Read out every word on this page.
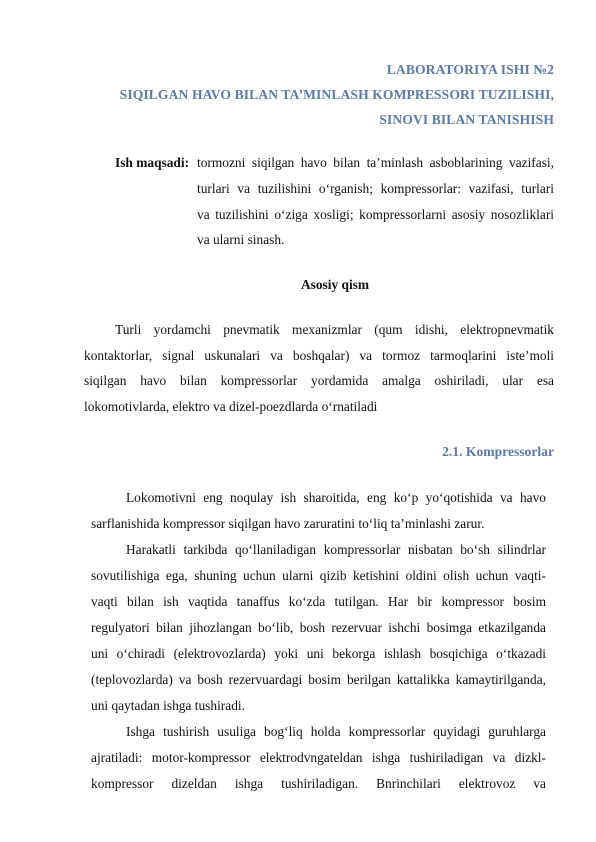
LABORATORIYA ISHI №2
SIQILGAN HAVO BILAN TA’MINLASH KOMPRESSORI TUZILISHI,
SINOVI BILAN TANISHISH
Ish maqsadi: tormozni siqilgan havo bilan ta’minlash asboblarining vazifasi,
turlari va tuzilishini o‘rganish; kompressorlar: vazifasi, turlari
va tuzilishini o‘ziga xosligi; kompressorlarni asosiy nosozliklari
va ularni sinash.
Asosiy qism
Turli yordamchi pnevmatik mexanizmlar (qum idishi, elektropnevmatik
kontaktorlar, signal uskunalari va boshqalar) va tormoz tarmoqlarini iste’moli
siqilgan havo bilan kompressorlar yordamida amalga oshiriladi, ular esa
lokomotivlarda, elektro va dizel-poezdlarda o‘rnatiladi
2.1. Kompressorlar
Lokomotivni eng noqulay ish sharoitida, eng ko‘p yo‘qotishida va havo
sarflanishida kompressor siqilgan havo zaruratini to‘liq ta’minlashi zarur.
Harakatli tarkibda qo‘llaniladigan kompressorlar nisbatan bo‘sh silindrlar
sovutilishiga ega, shuning uchun ularni qizib ketishini oldini olish uchun vaqti-
vaqti bilan ish vaqtida tanaffus ko‘zda tutilgan. Har bir kompressor bosim
regulyatori bilan jihozlangan bo‘lib, bosh rezervuar ishchi bosimga etkazilganda
uni o‘chiradi (elektrovozlarda) yoki uni bekorga ishlash bosqichiga o‘tkazadi
(teplovozlarda) va bosh rezervuardagi bosim berilgan kattalikka kamaytirilganda,
uni qaytadan ishga tushiradi.
Ishga tushirish usuliga bog‘liq holda kompressorlar quyidagi guruhlarga
ajratiladi: motor-kompressor elektrodvngateldan ishga tushiriladigan va dizkl-
kompressor dizeldan ishga tushiriladigan. Bnrinchilari elektrovoz va
